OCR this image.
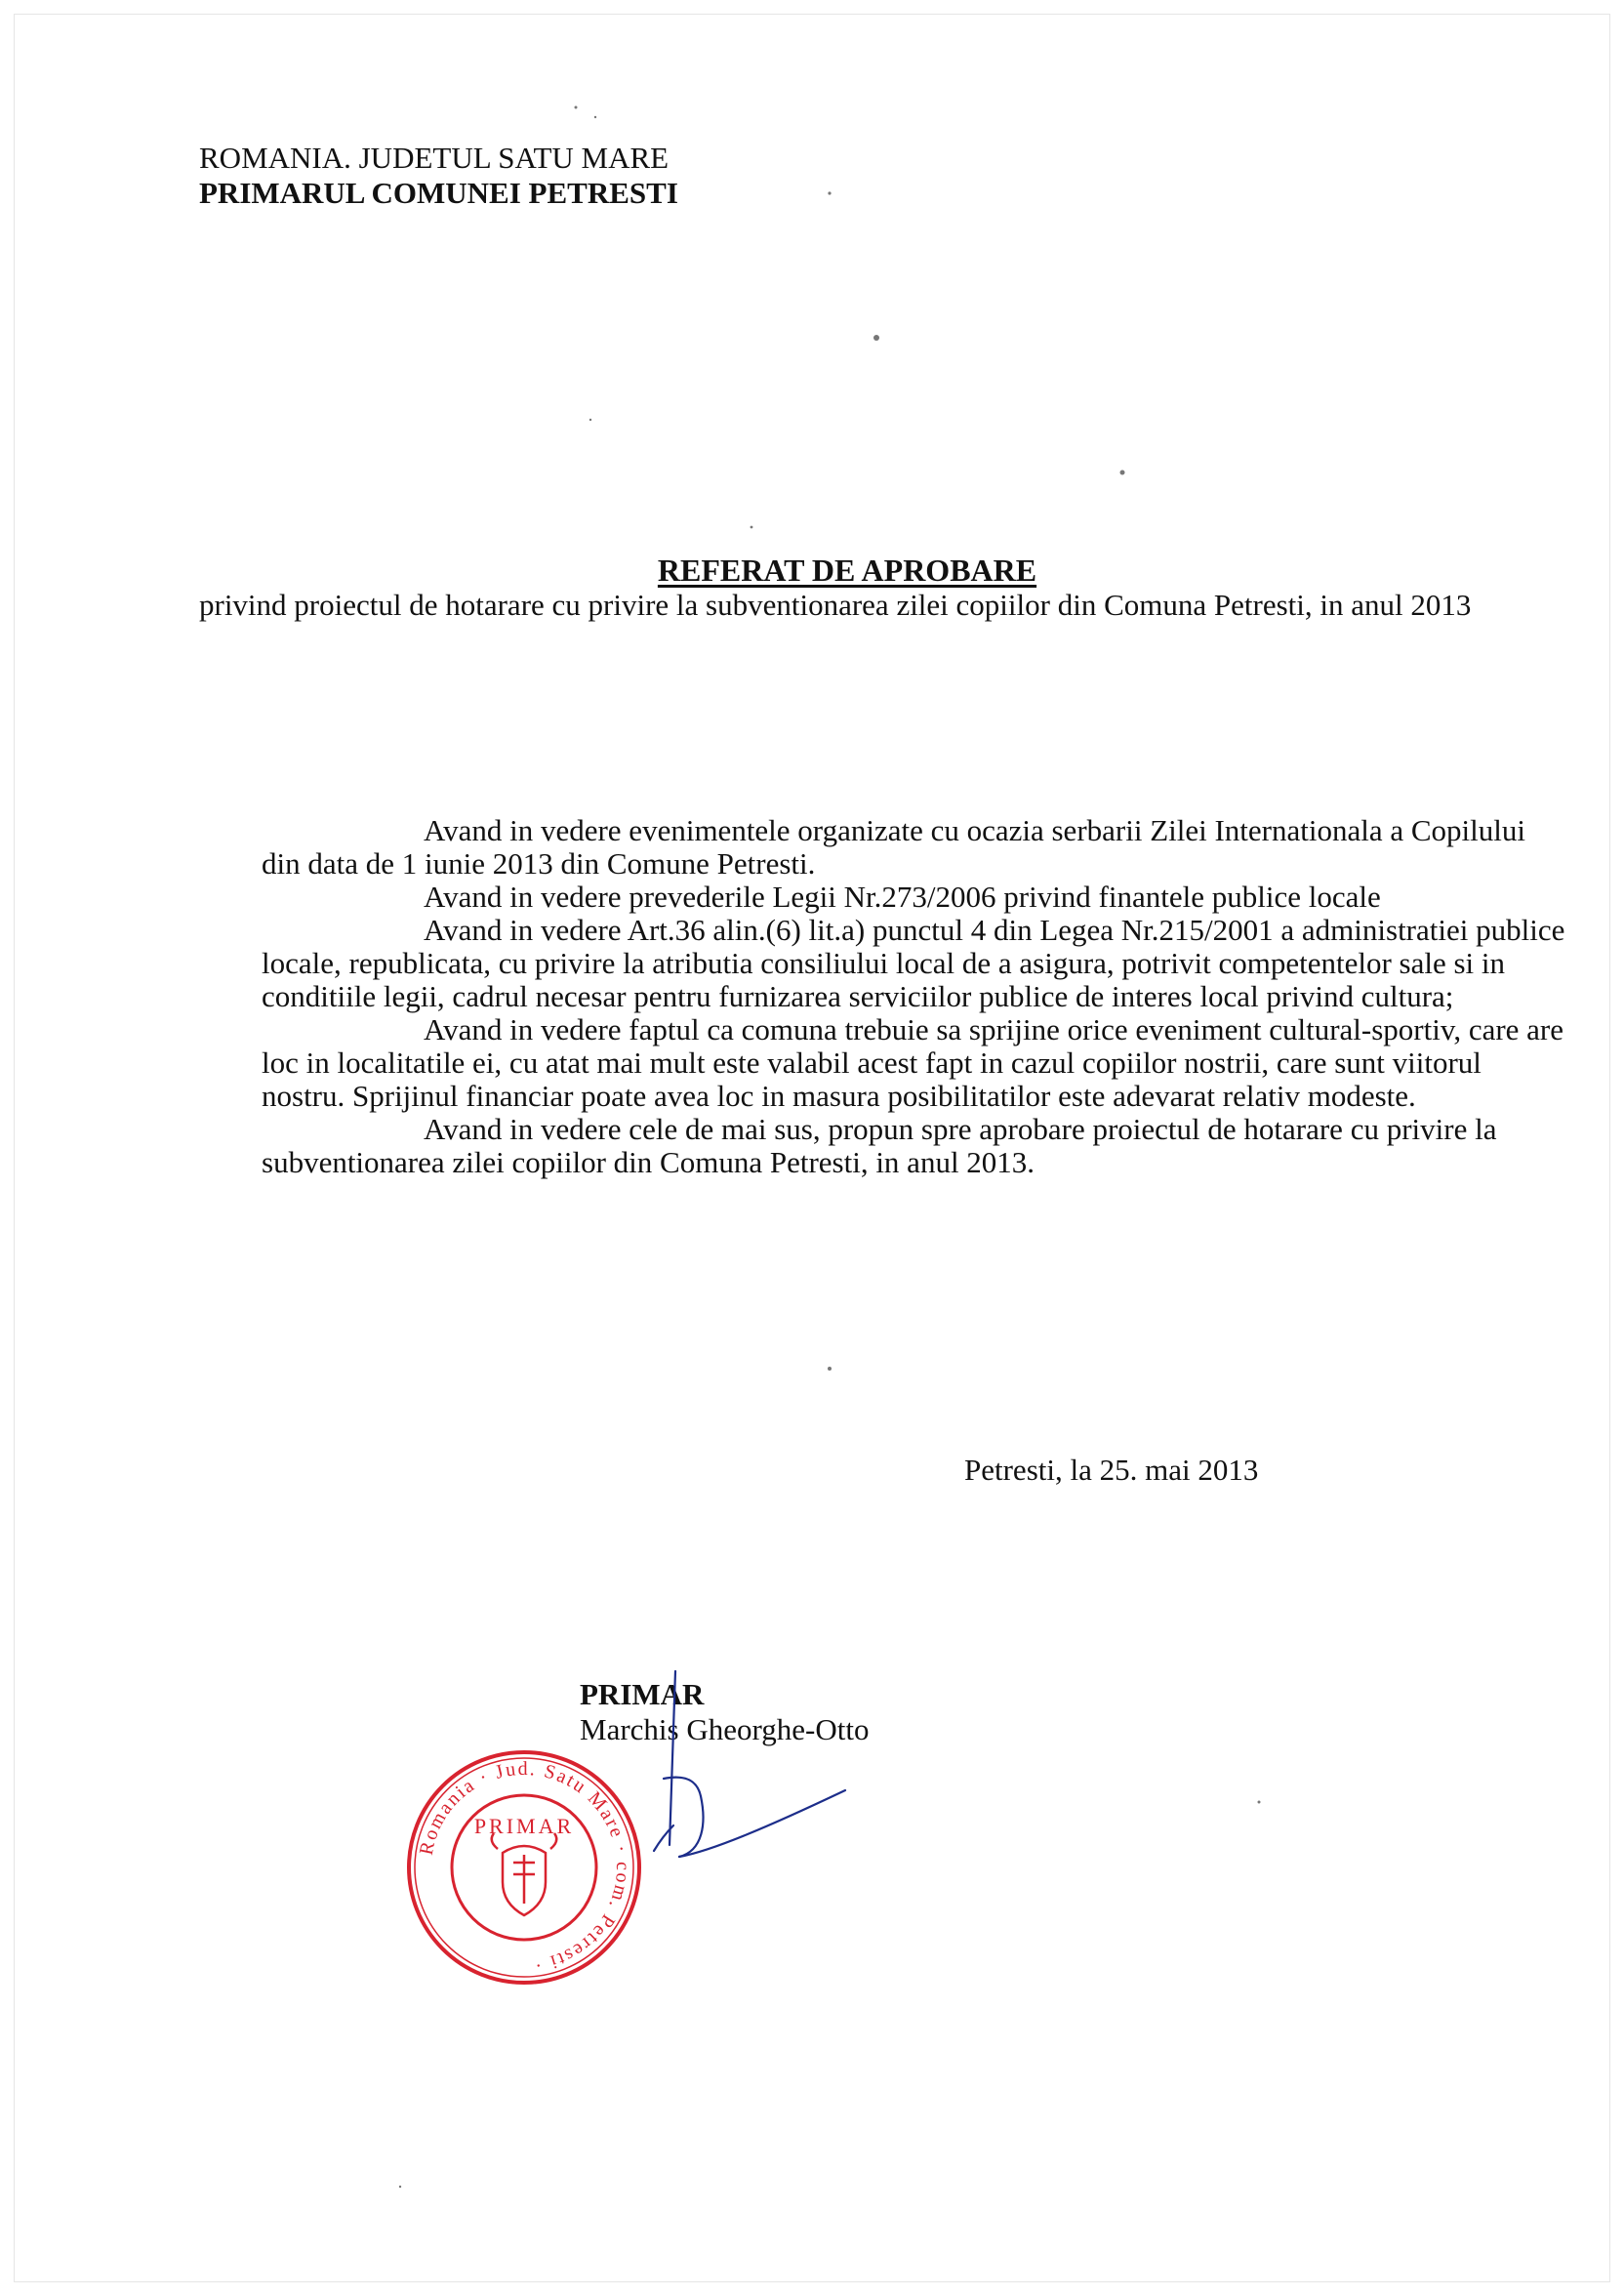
ROMANIA. JUDETUL SATU MARE
PRIMARUL COMUNEI PETRESTI
REFERAT DE APROBARE
privind proiectul de hotarare cu privire la subventionarea zilei copiilor din Comuna Petresti, in anul 2013

Avand in vedere evenimentele organizate cu ocazia serbarii Zilei Internationala a Copilului din data de 1 iunie 2013 din Comune Petresti.

Avand in vedere prevederile Legii Nr.273/2006 privind finantele publice locale

Avand in vedere Art.36 alin.(6) lit.a) punctul 4 din Legea Nr.215/2001 a administratiei publice locale, republicata, cu privire la atributia consiliului local de a asigura, potrivit competentelor sale si in conditiile legii, cadrul necesar pentru furnizarea serviciilor publice de interes local privind cultura;

Avand in vedere faptul ca comuna trebuie sa sprijine orice eveniment cultural-sportiv, care are loc in localitatile ei, cu atat mai mult este valabil acest fapt in cazul copiilor nostrii, care sunt viitorul nostru. Sprijinul financiar poate avea loc in masura posibilitatilor este adevarat relativ modeste.

Avand in vedere cele de mai sus, propun spre aprobare proiectul de hotarare cu privire la subventionarea zilei copiilor din Comuna Petresti, in anul 2013.

Petresti, la 25. mai 2013
PRIMAR
Marchis Gheorghe-Otto
Romania · Jud. Satu Mare · com. Petresti ·
PRIMAR
